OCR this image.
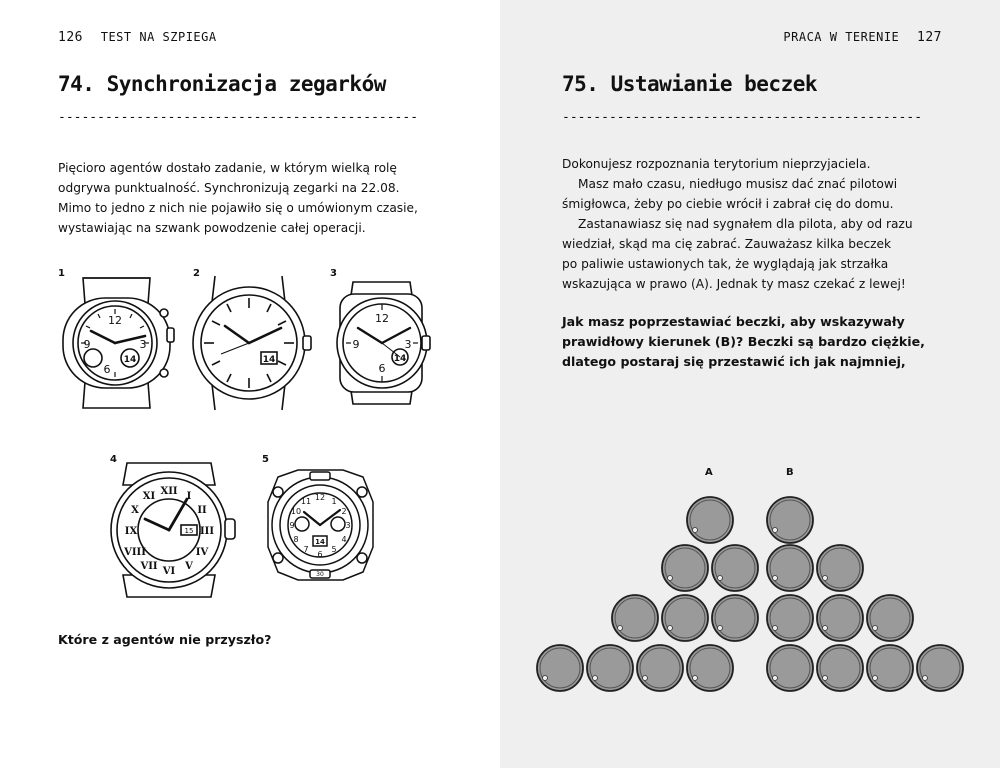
126 TEST NA SZPIEGA
74. Synchronizacja zegarków
----------------------------------------------

Pięcioro agentów dostało zadanie, w którym wielką rolę

odgrywa punktualność. Synchronizują zegarki na 22.08.

Mimo to jedno z nich nie pojawiło się o umówionym czasie,

wystawiając na szwank powodzenie całej operacji.

1
12
9	3
6
14
2
14
3
12
9	3
6
14
4
XII I
II
III
IV
V
VI
VII
VIII
IX
X
XI
15
5
12 1
2
3
4
5
6
7
8
9
10
11
14
30
Które z agentów nie przyszło?
PRACA W TERENIE 127
75. Ustawianie beczek
----------------------------------------------

Dokonujesz rozpoznania terytorium nieprzyjaciela.

Masz mało czasu, niedługo musisz dać znać pilotowi

śmigłowca, żeby po ciebie wrócił i zabrał cię do domu.

Zastanawiasz się nad sygnałem dla pilota, aby od razu

wiedział, skąd ma cię zabrać. Zauważasz kilka beczek

po paliwie ustawionych tak, że wyglądają jak strzałka

wskazująca w prawo (A). Jednak ty masz czekać z lewej!

Jak masz poprzestawiać beczki, aby wskazywały
prawidłowy kierunek (B)? Beczki są bardzo ciężkie,
dlatego postaraj się przestawić ich jak najmniej,
A	B
